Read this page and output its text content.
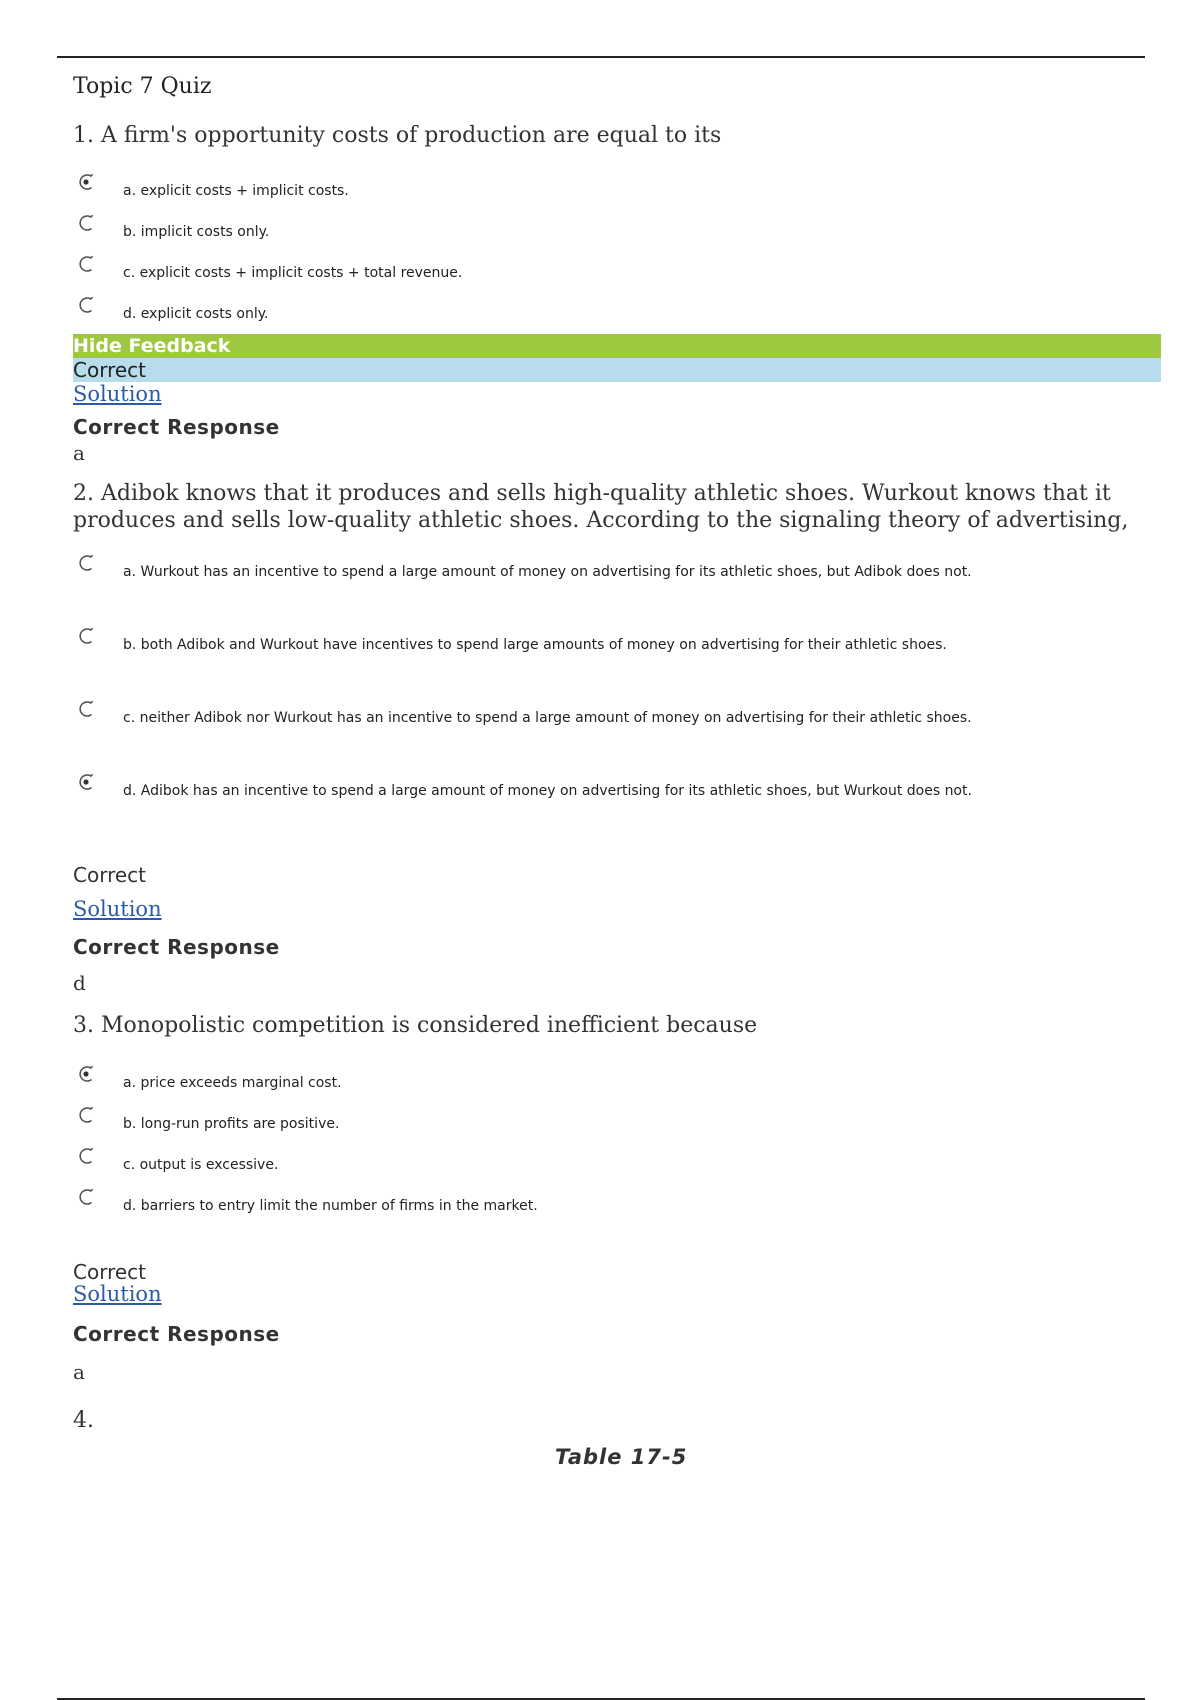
Topic 7 Quiz
1. A firm's opportunity costs of production are equal to its
a. explicit costs + implicit costs.
b. implicit costs only.
c. explicit costs + implicit costs + total revenue.
d. explicit costs only.
Hide Feedback
Correct
Solution
Correct Response
a
2. Adibok knows that it produces and sells high-quality athletic shoes. Wurkout knows that it produces and sells low-quality athletic shoes. According to the signaling theory of advertising,
a. Wurkout has an incentive to spend a large amount of money on advertising for its athletic shoes, but Adibok does not.
b. both Adibok and Wurkout have incentives to spend large amounts of money on advertising for their athletic shoes.
c. neither Adibok nor Wurkout has an incentive to spend a large amount of money on advertising for their athletic shoes.
d. Adibok has an incentive to spend a large amount of money on advertising for its athletic shoes, but Wurkout does not.
Correct
Solution
Correct Response
d
3. Monopolistic competition is considered inefficient because
a. price exceeds marginal cost.
b. long-run profits are positive.
c. output is excessive.
d. barriers to entry limit the number of firms in the market.
Correct
Solution
Correct Response
a
4.
Table 17-5
